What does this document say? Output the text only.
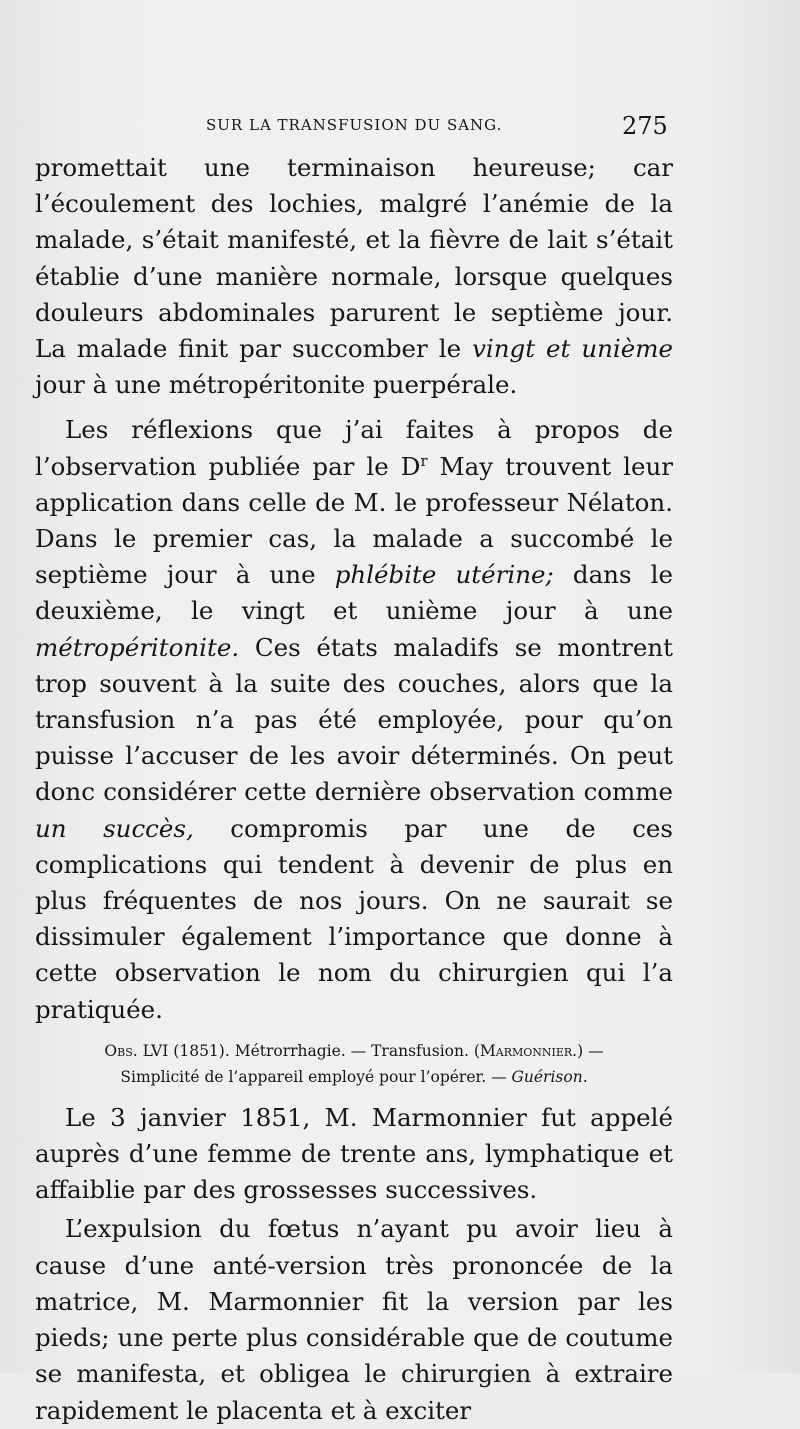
SUR LA TRANSFUSION DU SANG.	275

promettait une terminaison heureuse; car l’écoulement des lochies, malgré l’anémie de la malade, s’était manifesté, et la fièvre de lait s’était établie d’une manière normale, lorsque quelques douleurs abdominales parurent le septième jour. La malade finit par succomber le vingt et unième jour à une métropéritonite puerpérale.

Les réflexions que j’ai faites à propos de l’observation publiée par le $D^r$ May trouvent leur application dans celle de M. le professeur Nélaton. Dans le premier cas, la malade a succombé le septième jour à une phlébite utérine; dans le deuxième, le vingt et unième jour à une métropéritonite. Ces états maladifs se montrent trop souvent à la suite des couches, alors que la transfusion n’a pas été employée, pour qu’on puisse l’accuser de les avoir déterminés. On peut donc considérer cette dernière observation comme un succès, compromis par une de ces complications qui tendent à devenir de plus en plus fréquentes de nos jours. On ne saurait se dissimuler également l’importance que donne à cette observation le nom du chirurgien qui l’a pratiquée.

Obs. LVI (1851). Métrorrhagie. — Transfusion. (Marmonnier.) —
Simplicité de l’appareil employé pour l’opérer. — Guérison.

Le 3 janvier 1851, M. Marmonnier fut appelé auprès d’une femme de trente ans, lymphatique et affaiblie par des grossesses successives.

L’expulsion du fœtus n’ayant pu avoir lieu à cause d’une anté-version très prononcée de la matrice, M. Marmonnier fit la version par les pieds; une perte plus considérable que de coutume se manifesta, et obligea le chirurgien à extraire rapidement le placenta et à exciter
